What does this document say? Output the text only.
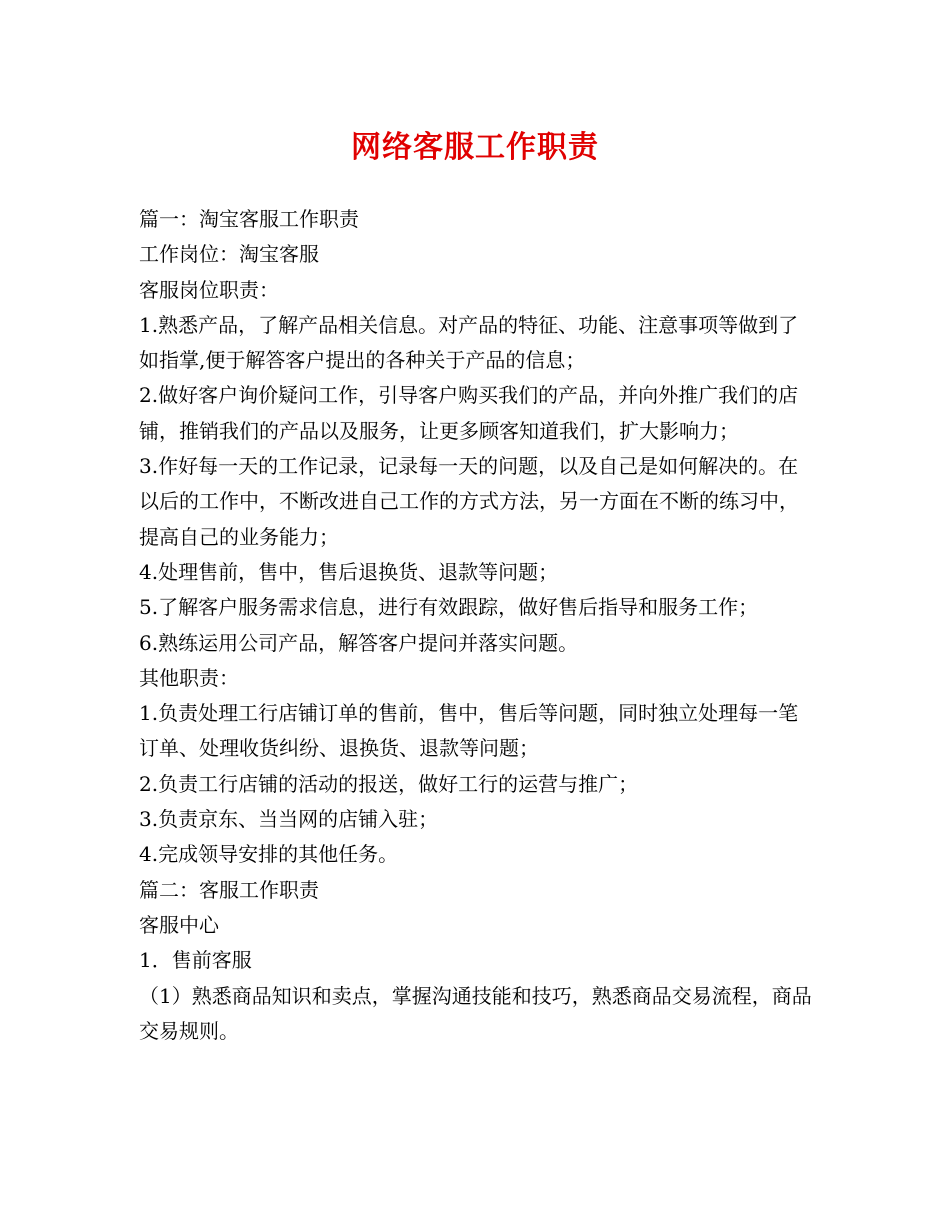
网络客服工作职责

篇一：淘宝客服工作职责

工作岗位：淘宝客服

客服岗位职责：

1.熟悉产品，了解产品相关信息。对产品的特征、功能、注意事项等做到了如指掌,便于解答客户提出的各种关于产品的信息；

2.做好客户询价疑问工作，引导客户购买我们的产品，并向外推广我们的店铺，推销我们的产品以及服务，让更多顾客知道我们，扩大影响力；

3.作好每一天的工作记录，记录每一天的问题，以及自己是如何解决的。在以后的工作中，不断改进自己工作的方式方法，另一方面在不断的练习中，提高自己的业务能力；

4.处理售前，售中，售后退换货、退款等问题；

5.了解客户服务需求信息，进行有效跟踪，做好售后指导和服务工作；

6.熟练运用公司产品，解答客户提问并落实问题。

其他职责：

1.负责处理工行店铺订单的售前，售中，售后等问题，同时独立处理每一笔订单、处理收货纠纷、退换货、退款等问题；

2.负责工行店铺的活动的报送，做好工行的运营与推广；

3.负责京东、当当网的店铺入驻；

4.完成领导安排的其他任务。

篇二：客服工作职责

客服中心

1．售前客服

（1）熟悉商品知识和卖点，掌握沟通技能和技巧，熟悉商品交易流程，商品交易规则。
